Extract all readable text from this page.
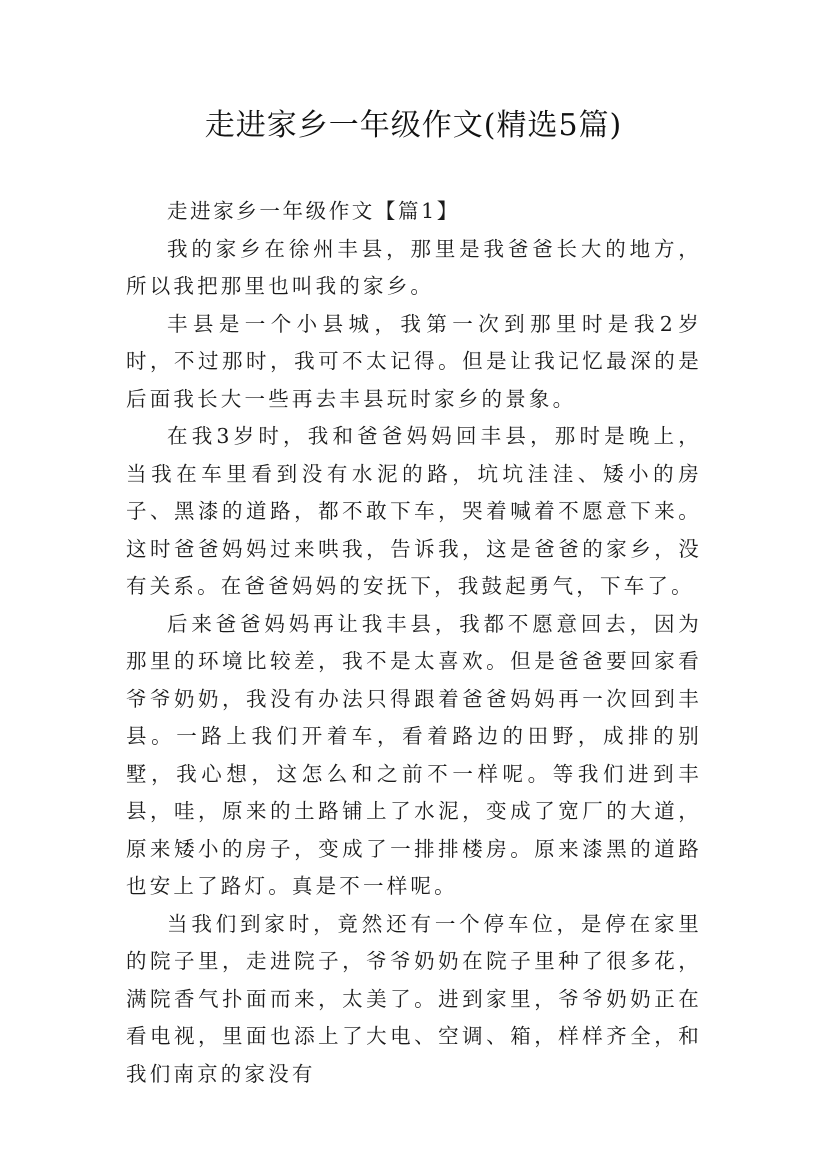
走进家乡一年级作文(精选5篇)

走进家乡一年级作文【篇1】

我的家乡在徐州丰县，那里是我爸爸长大的地方，所以我把那里也叫我的家乡。

丰县是一个小县城，我第一次到那里时是我2岁时，不过那时，我可不太记得。但是让我记忆最深的是后面我长大一些再去丰县玩时家乡的景象。

在我3岁时，我和爸爸妈妈回丰县，那时是晚上，当我在车里看到没有水泥的路，坑坑洼洼、矮小的房子、黑漆的道路，都不敢下车，哭着喊着不愿意下来。这时爸爸妈妈过来哄我，告诉我，这是爸爸的家乡，没有关系。在爸爸妈妈的安抚下，我鼓起勇气，下车了。

后来爸爸妈妈再让我丰县，我都不愿意回去，因为那里的环境比较差，我不是太喜欢。但是爸爸要回家看爷爷奶奶，我没有办法只得跟着爸爸妈妈再一次回到丰县。一路上我们开着车，看着路边的田野，成排的别墅，我心想，这怎么和之前不一样呢。等我们进到丰县，哇，原来的土路铺上了水泥，变成了宽厂的大道，原来矮小的房子，变成了一排排楼房。原来漆黑的道路也安上了路灯。真是不一样呢。

当我们到家时，竟然还有一个停车位，是停在家里的院子里，走进院子，爷爷奶奶在院子里种了很多花，满院香气扑面而来，太美了。进到家里，爷爷奶奶正在看电视，里面也添上了大电、空调、箱，样样齐全，和我们南京的家没有
